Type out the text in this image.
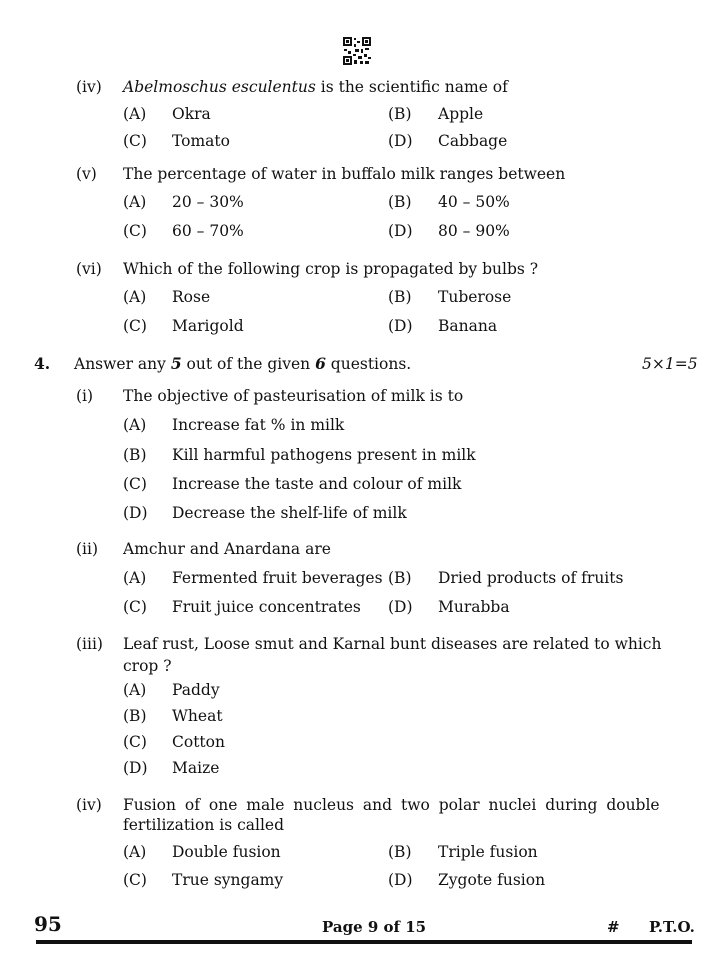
(iv) Abelmoschus esculentus is the scientific name of
(A) Okra	(B) Apple
(C) Tomato	(D) Cabbage
(v) The percentage of water in buffalo milk ranges between
(A) 20 – 30%	(B) 40 – 50%
(C) 60 – 70%	(D) 80 – 90%
(vi) Which of the following crop is propagated by bulbs ?
(A) Rose	(B) Tuberose
(C) Marigold	(D) Banana
4. Answer any 5 out of the given 6 questions.	5×1=5
(i) The objective of pasteurisation of milk is to
(A) Increase fat % in milk
(B) Kill harmful pathogens present in milk
(C) Increase the taste and colour of milk
(D) Decrease the shelf-life of milk
(ii) Amchur and Anardana are
(A) Fermented fruit beverages (B) Dried products of fruits
(C) Fruit juice concentrates (D) Murabba
(iii) Leaf rust, Loose smut and Karnal bunt diseases are related to which
crop ?
(A) Paddy
(B) Wheat
(C) Cotton
(D) Maize
(iv) Fusion of one male nucleus and two polar nuclei during double
fertilization is called
(A) Double fusion	(B) Triple fusion
(C) True syngamy	(D) Zygote fusion
95	Page 9 of 15	# P.T.O.
